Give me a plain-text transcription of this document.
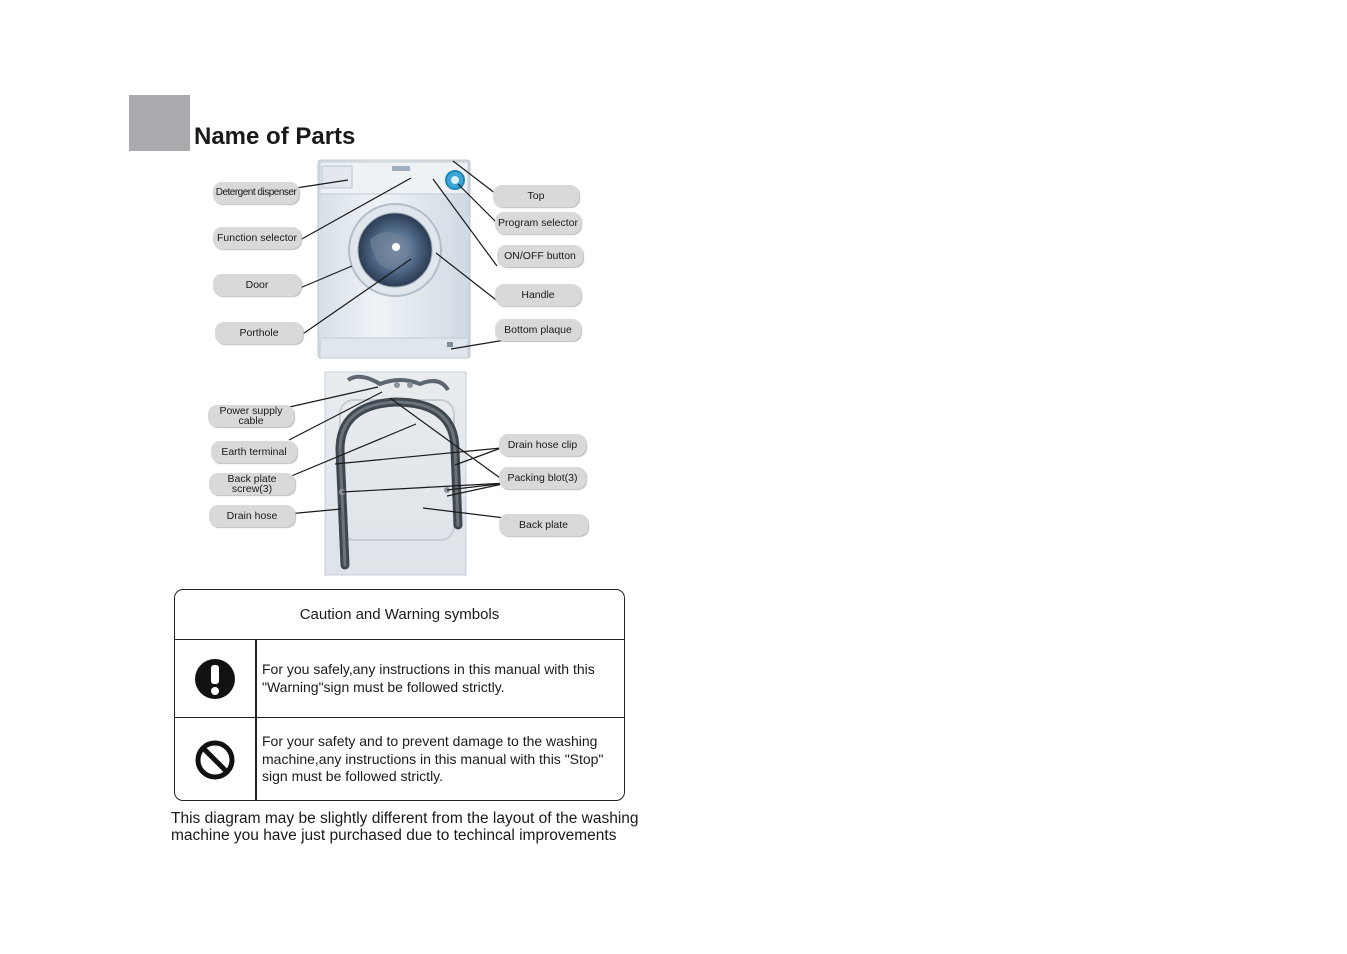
Name of Parts
Detergent dispenser
Function selector
Door
Porthole
Top
Program selector
ON/OFF button
Handle
Bottom plaque
Power supply
cable
Earth terminal
Back plate
screw(3)
Drain hose
Drain hose clip
Packing blot(3)
Back plate
Caution and Warning symbols
For you safely,any instructions in this manual with this "Warning"sign must be followed strictly.
For your safety and to prevent damage to the washing machine,any instructions in this manual with this "Stop" sign must be followed strictly.
This diagram may be slightly different from the layout of the washing machine you have just purchased due to techincal improvements
